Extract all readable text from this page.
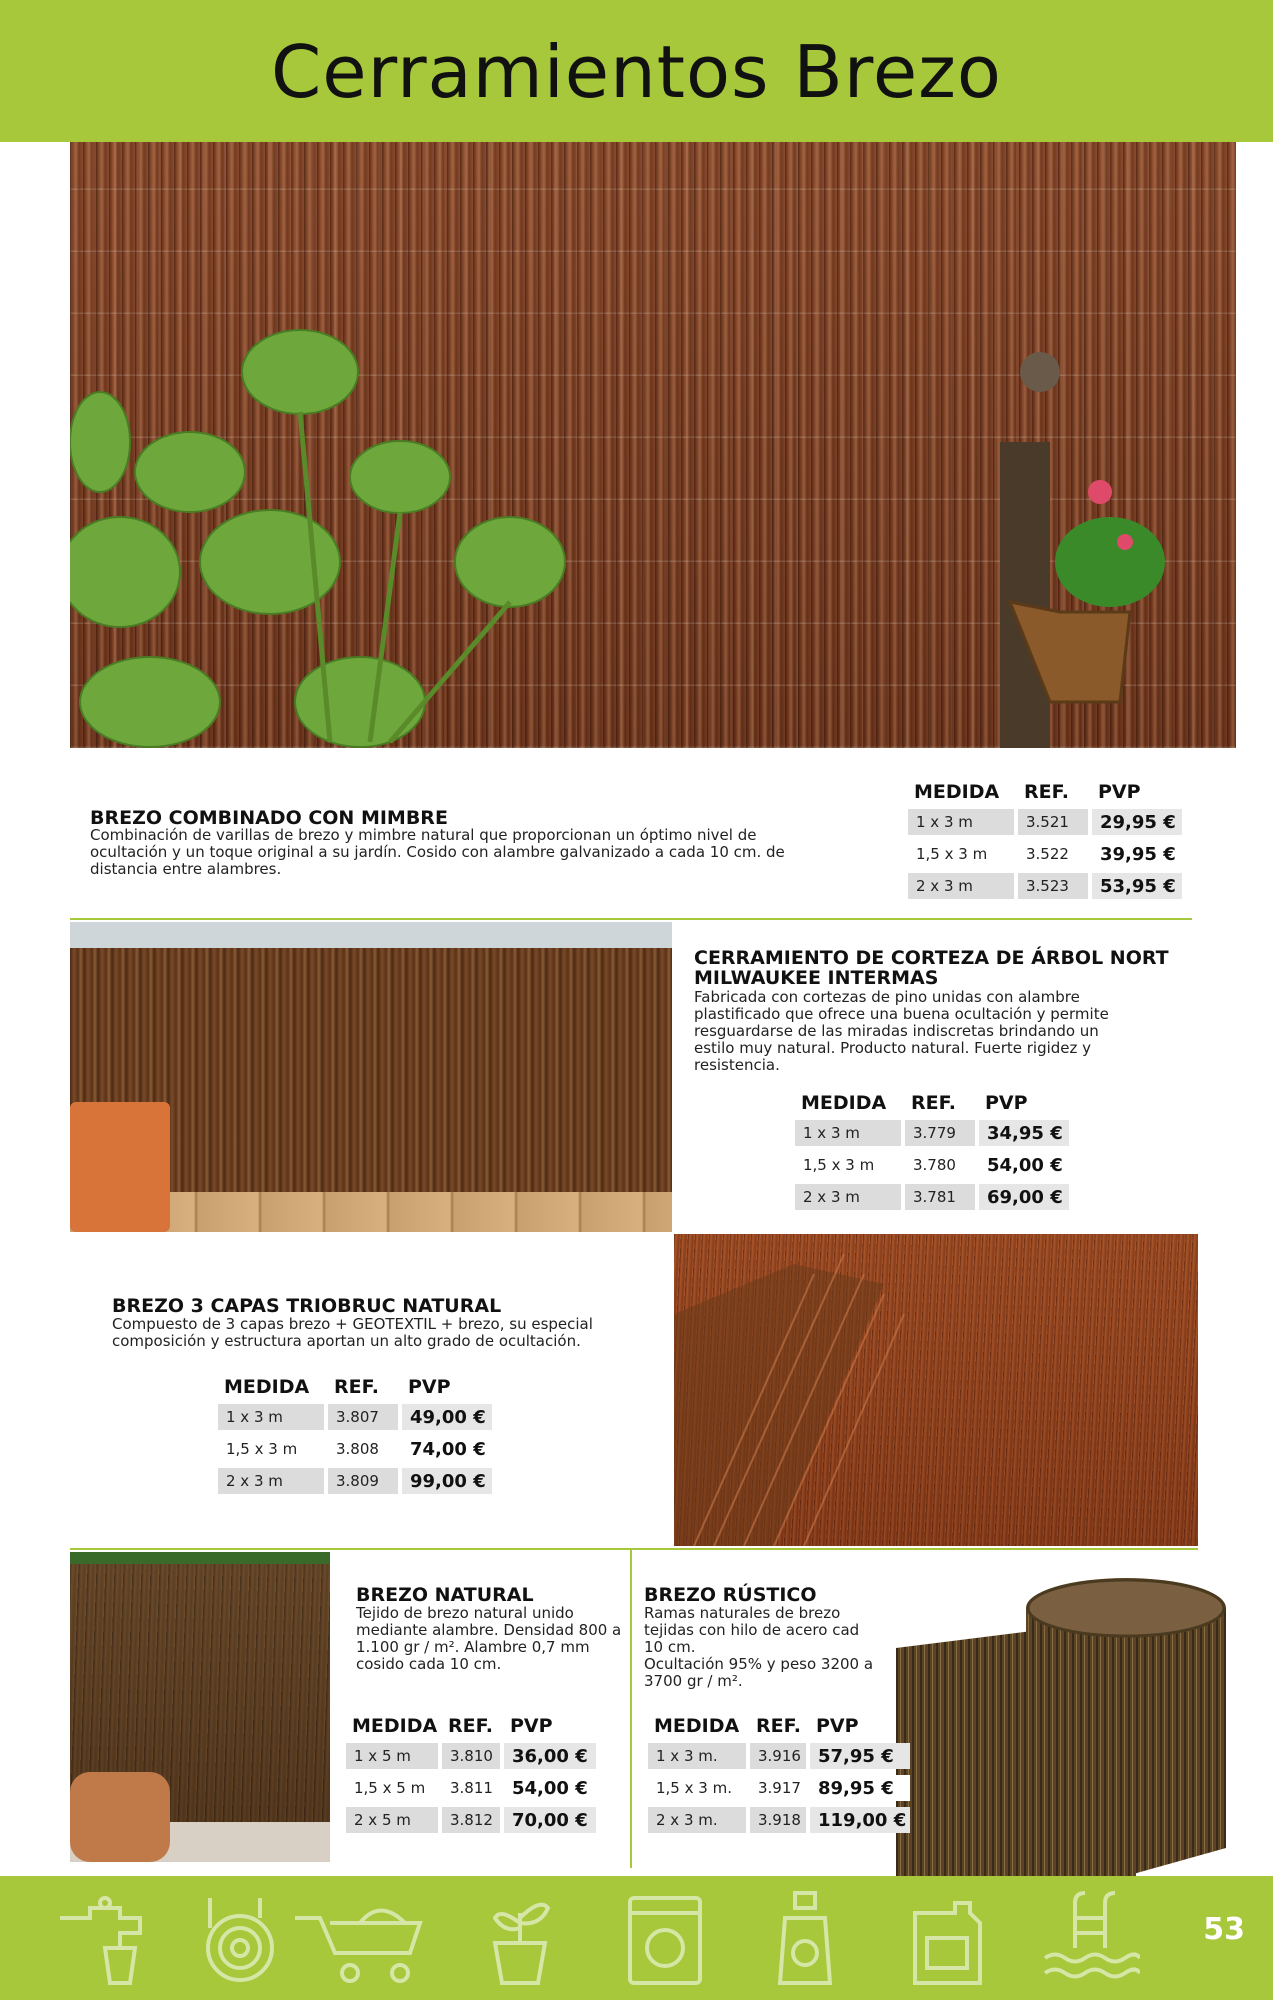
Cerramientos Brezo
BREZO COMBINADO CON MIMBRE
Combinación de varillas de brezo y mimbre natural que proporcionan un óptimo nivel de ocultación y un toque original a su jardín. Cosido con alambre galvanizado a cada 10 cm. de distancia entre alambres.
MEDIDA	REF.	PVP
1 x 3 m	3.521	29,95 €
1,5 x 3 m	3.522	39,95 €
2 x 3 m	3.523	53,95 €
CERRAMIENTO DE CORTEZA DE ÁRBOL NORT
MILWAUKEE INTERMAS
Fabricada con cortezas de pino unidas con alambre plastificado que ofrece una buena ocultación y permite resguardarse de las miradas indiscretas brindando un estilo muy natural. Producto natural. Fuerte rigidez y resistencia.
MEDIDA	REF.	PVP
1 x 3 m	3.779	34,95 €
1,5 x 3 m	3.780	54,00 €
2 x 3 m	3.781	69,00 €
BREZO 3 CAPAS TRIOBRUC NATURAL
Compuesto de 3 capas brezo + GEOTEXTIL + brezo, su especial composición y estructura aportan un alto grado de ocultación.
MEDIDA	REF.	PVP
1 x 3 m	3.807	49,00 €
1,5 x 3 m	3.808	74,00 €
2 x 3 m	3.809	99,00 €
BREZO NATURAL
Tejido de brezo natural unido mediante alambre. Densidad 800 a 1.100 gr / m². Alambre 0,7 mm cosido cada 10 cm.
MEDIDA REF. PVP
1 x 5 m	3.810	36,00 €
1,5 x 5 m	3.811	54,00 €
2 x 5 m	3.812	70,00 €
BREZO RÚSTICO
Ramas naturales de brezo tejidas con hilo de acero cad 10 cm.
Ocultación 95% y peso 3200 a 3700 gr / m².
MEDIDA REF. PVP
1 x 3 m.	3.916 57,95 €
1,5 x 3 m.	3.917 89,95 €
2 x 3 m.	3.918 119,00 €
53
